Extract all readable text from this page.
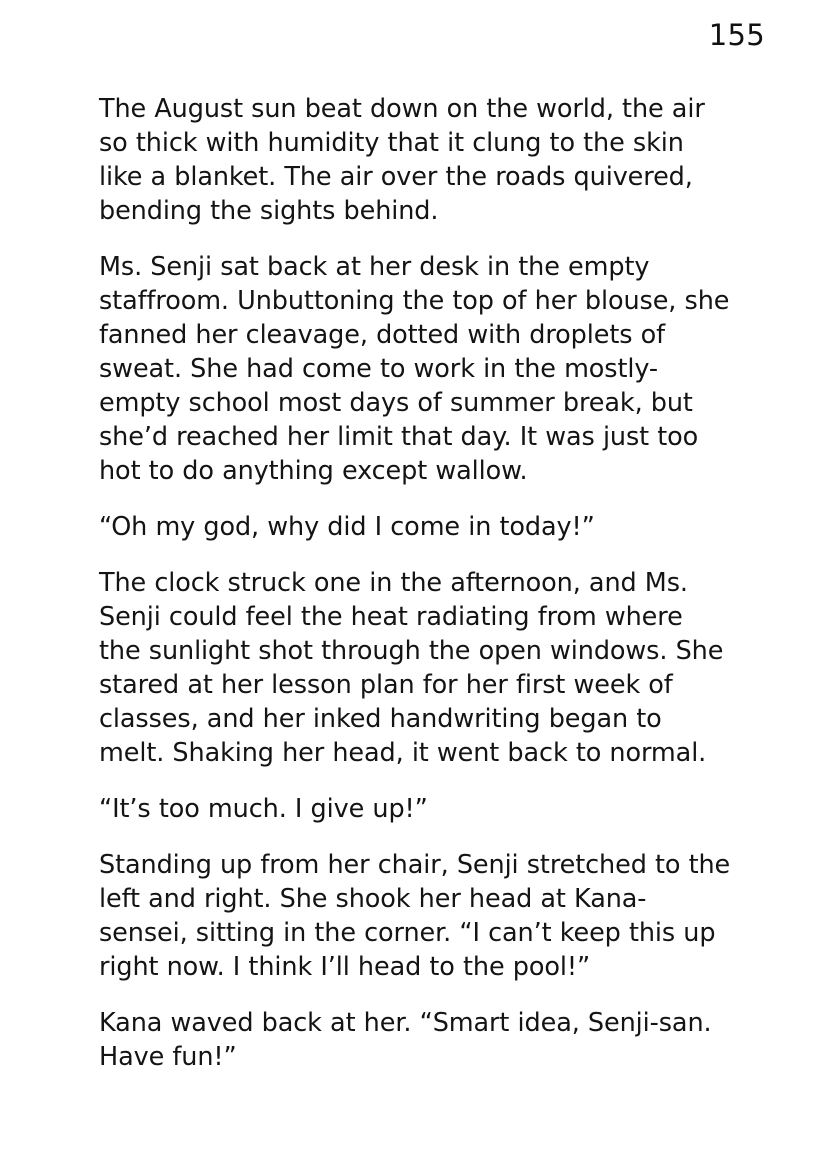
155

The August sun beat down on the world, the air so thick with humidity that it clung to the skin like a blanket. The air over the roads quivered, bending the sights behind.

Ms. Senji sat back at her desk in the empty staffroom. Unbuttoning the top of her blouse, she fanned her cleavage, dotted with droplets of sweat. She had come to work in the mostly-empty school most days of summer break, but she’d reached her limit that day. It was just too hot to do anything except wallow.

“Oh my god, why did I come in today!”

The clock struck one in the afternoon, and Ms. Senji could feel the heat radiating from where the sunlight shot through the open windows. She stared at her lesson plan for her first week of classes, and her inked handwriting began to melt. Shaking her head, it went back to normal.

“It’s too much. I give up!”

Standing up from her chair, Senji stretched to the left and right. She shook her head at Kana-sensei, sitting in the corner. “I can’t keep this up right now. I think I’ll head to the pool!”

Kana waved back at her. “Smart idea, Senji-san. Have fun!”
